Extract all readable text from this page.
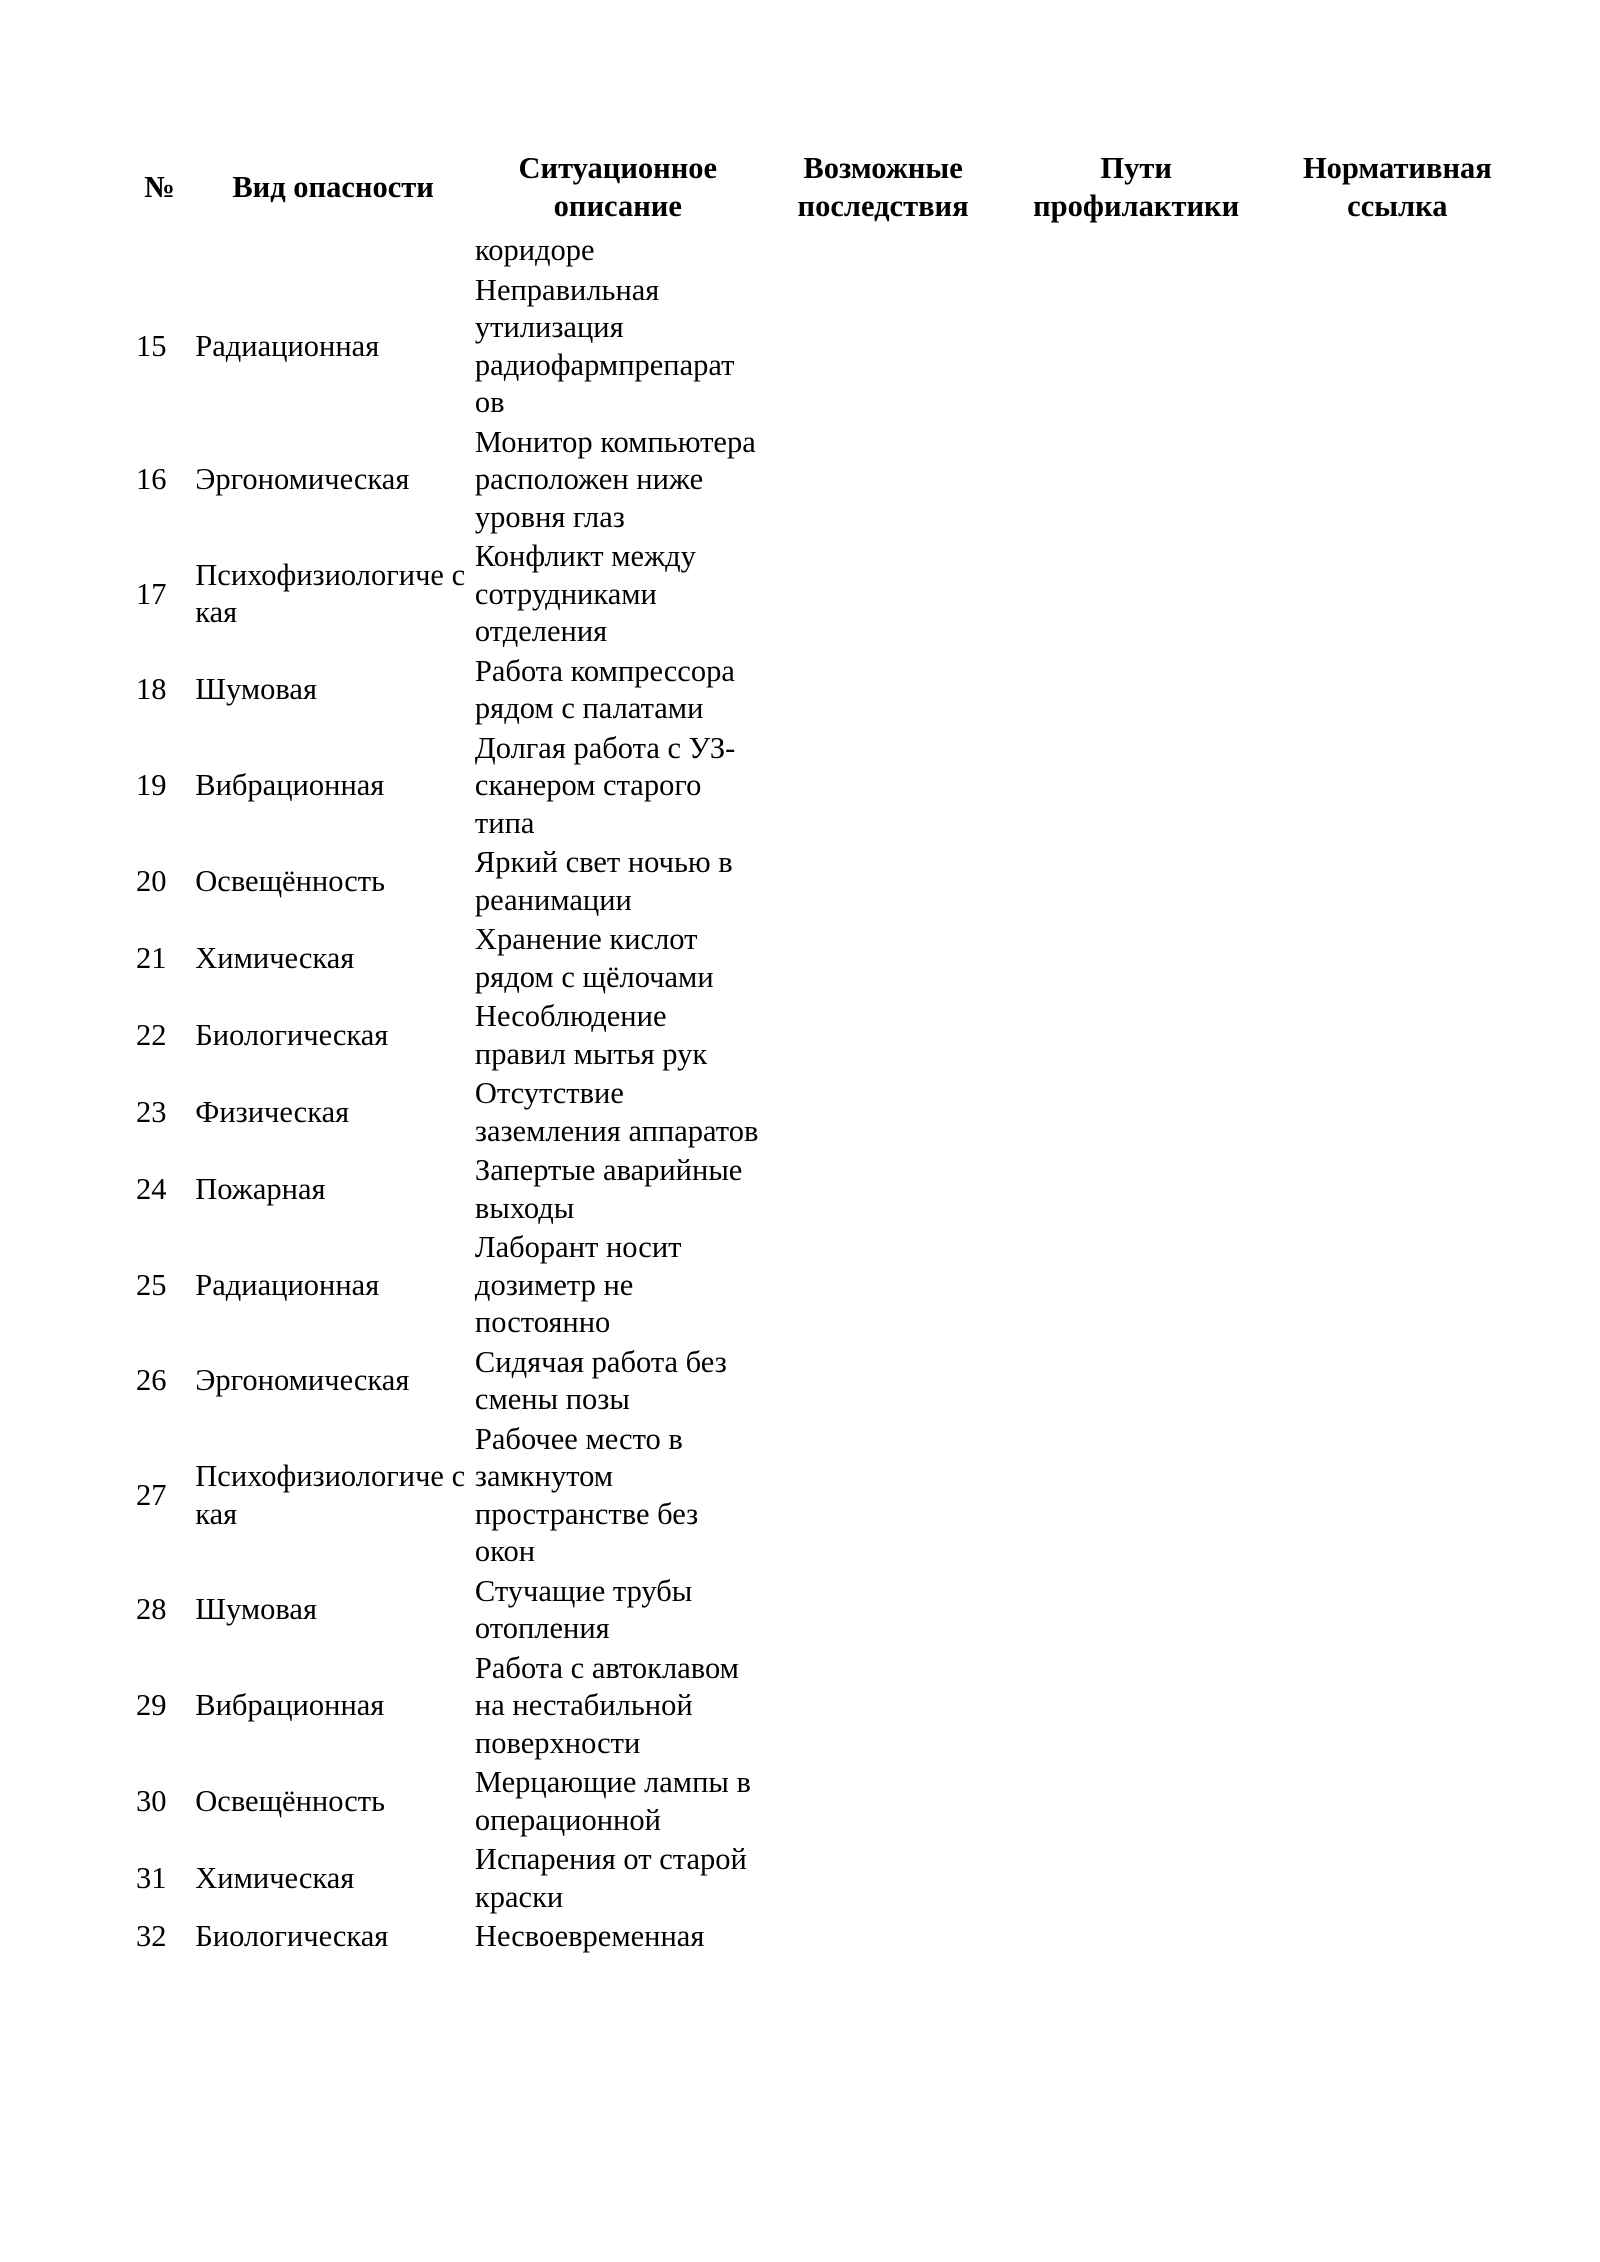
№	Вид опасности	Ситуационное описание	Возможные последствия	Пути профилактики	Нормативная ссылка
		коридоре			
15	Радиационная	Неправильная утилизация радиофармпрепарат ов			
16	Эргономическая	Монитор компьютера расположен ниже уровня глаз			
17	Психофизиологиче ская	Конфликт между сотрудниками отделения			
18	Шумовая	Работа компрессора рядом с палатами			
19	Вибрационная	Долгая работа с УЗ-сканером старого типа			
20	Освещённость	Яркий свет ночью в реанимации			
21	Химическая	Хранение кислот рядом с щёлочами			
22	Биологическая	Несоблюдение правил мытья рук			
23	Физическая	Отсутствие заземления аппаратов			
24	Пожарная	Запертые аварийные выходы			
25	Радиационная	Лаборант носит дозиметр не постоянно			
26	Эргономическая	Сидячая работа без смены позы			
27	Психофизиологиче ская	Рабочее место в замкнутом пространстве без окон			
28	Шумовая	Стучащие трубы отопления			
29	Вибрационная	Работа с автоклавом на нестабильной поверхности			
30	Освещённость	Мерцающие лампы в операционной			
31	Химическая	Испарения от старой краски			
32	Биологическая	Несвоевременная			
